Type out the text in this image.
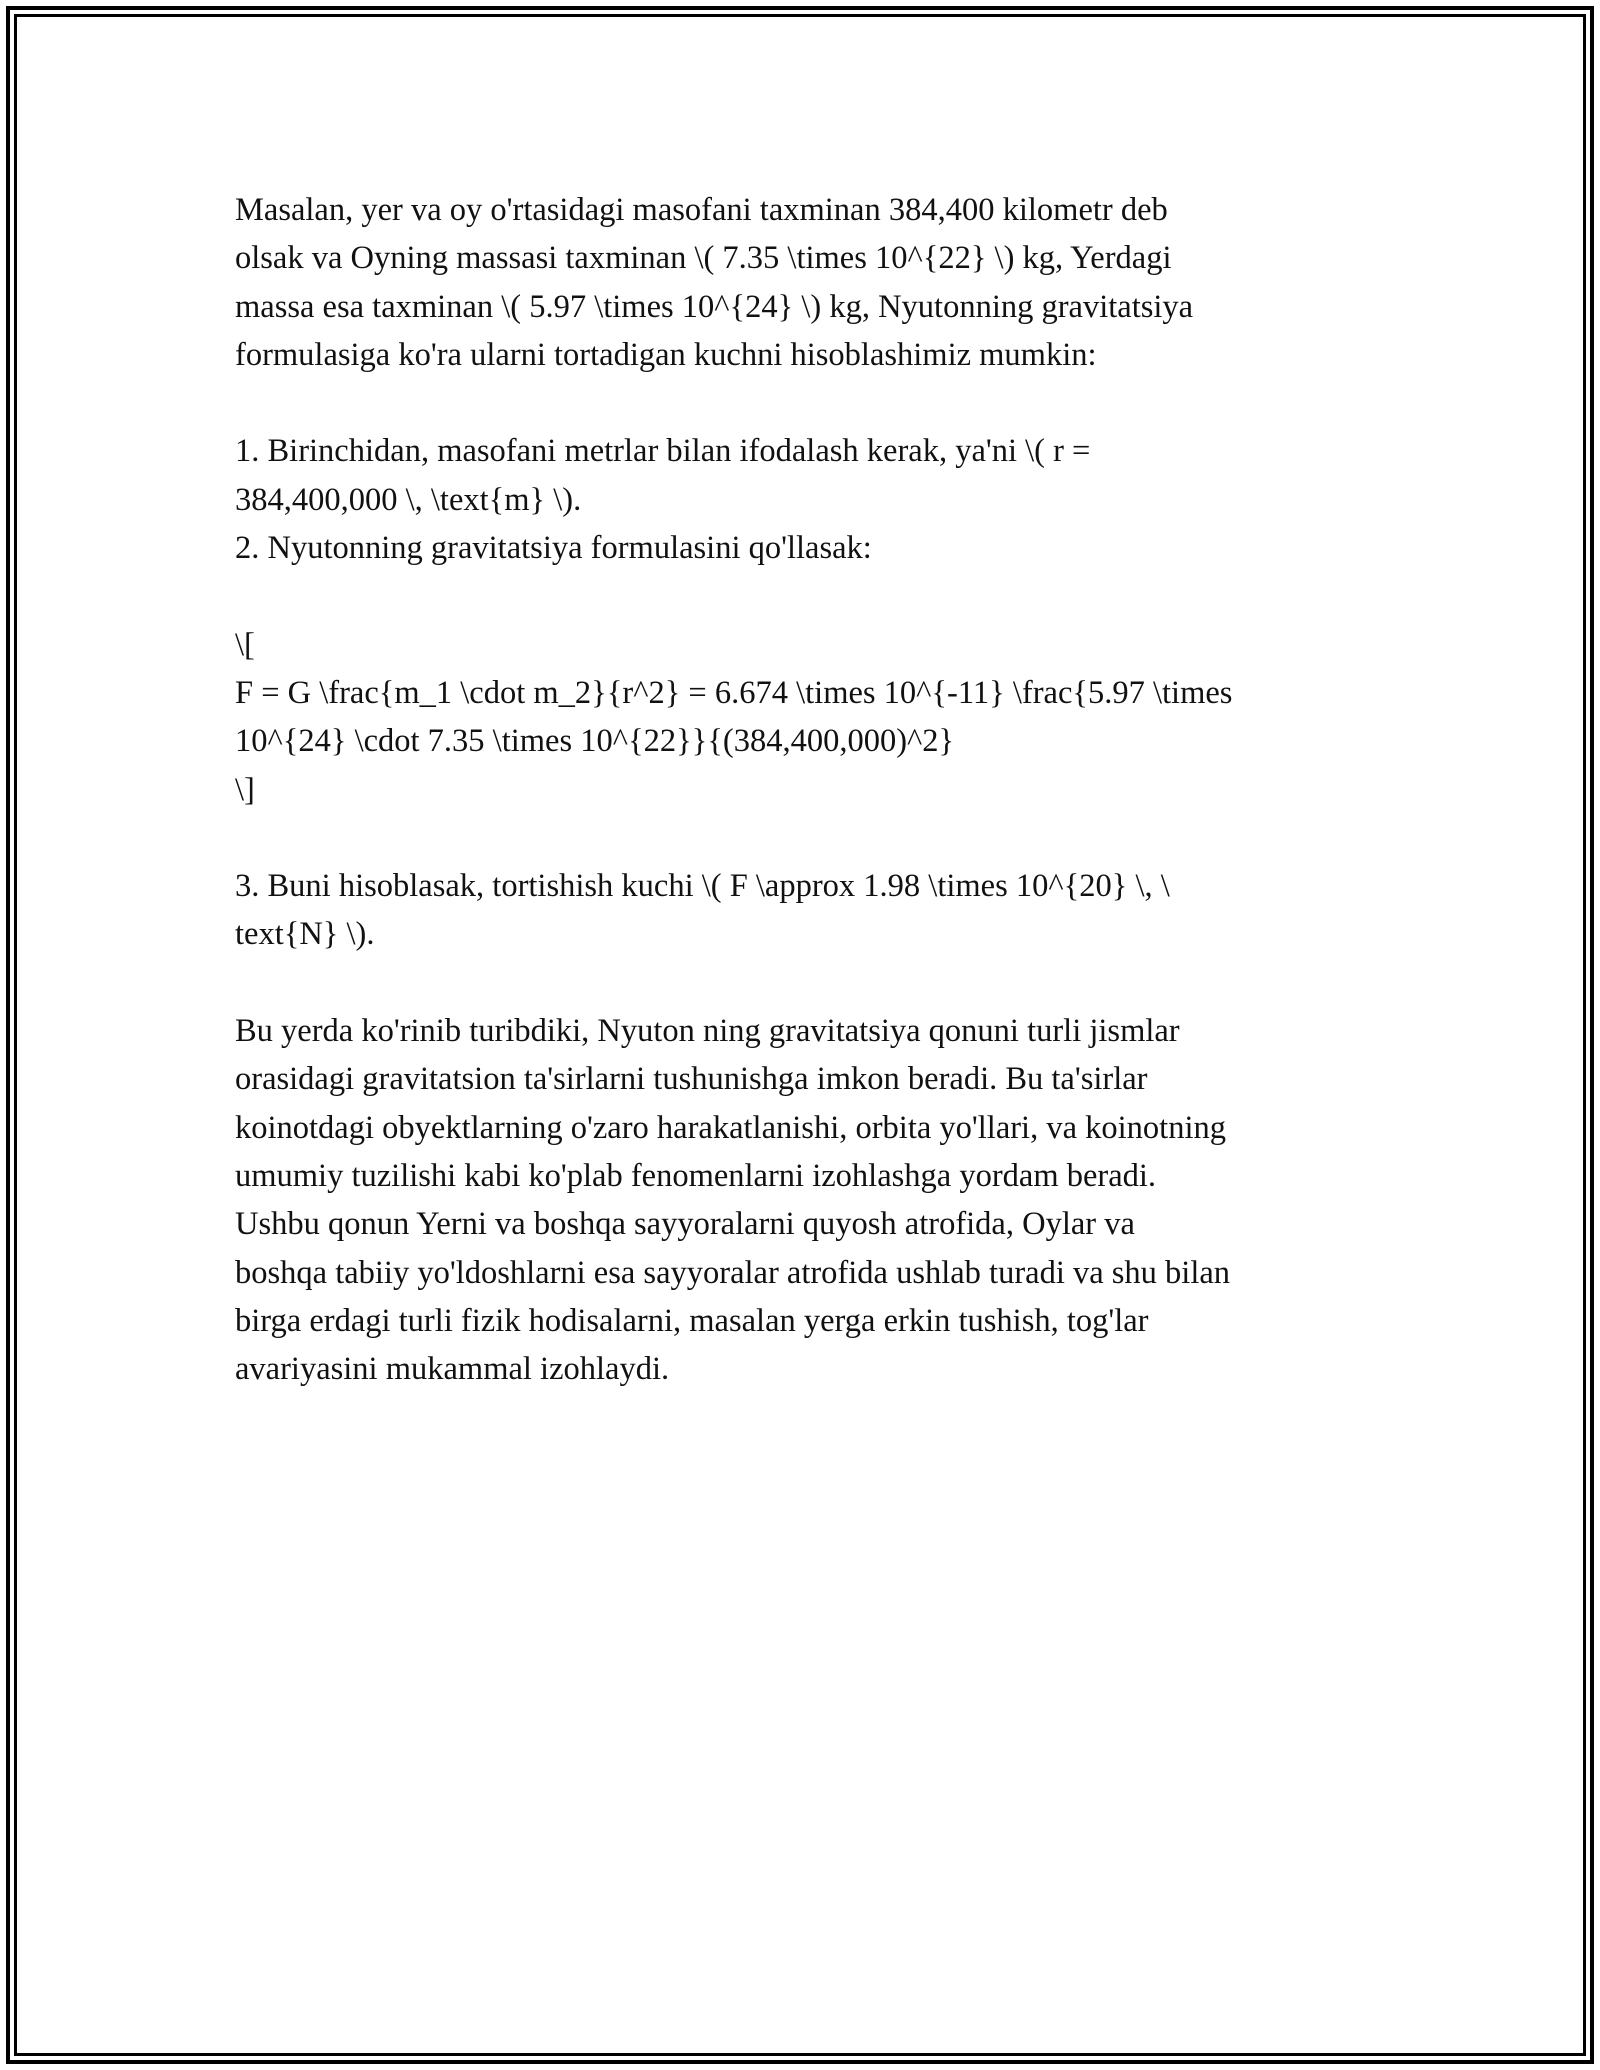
Masalan, yer va oy o'rtasidagi masofani taxminan 384,400 kilometr deb
olsak va Oyning massasi taxminan \( 7.35 \times 10^{22} \) kg, Yerdagi
massa esa taxminan \( 5.97 \times 10^{24} \) kg, Nyutonning gravitatsiya
formulasiga ko'ra ularni tortadigan kuchni hisoblashimiz mumkin:

1. Birinchidan, masofani metrlar bilan ifodalash kerak, ya'ni \( r =
384,400,000 \, \text{m} \).
2. Nyutonning gravitatsiya formulasini qo'llasak:

\[
F = G \frac{m_1 \cdot m_2}{r^2} = 6.674 \times 10^{-11} \frac{5.97 \times
10^{24} \cdot 7.35 \times 10^{22}}{(384,400,000)^2}
\]

3. Buni hisoblasak, tortishish kuchi \( F \approx 1.98 \times 10^{20} \, \
text{N} \).

Bu yerda ko'rinib turibdiki, Nyuton ning gravitatsiya qonuni turli jismlar
orasidagi gravitatsion ta'sirlarni tushunishga imkon beradi. Bu ta'sirlar
koinotdagi obyektlarning o'zaro harakatlanishi, orbita yo'llari, va koinotning
umumiy tuzilishi kabi ko'plab fenomenlarni izohlashga yordam beradi.
Ushbu qonun Yerni va boshqa sayyoralarni quyosh atrofida, Oylar va
boshqa tabiiy yo'ldoshlarni esa sayyoralar atrofida ushlab turadi va shu bilan
birga erdagi turli fizik hodisalarni, masalan yerga erkin tushish, tog'lar
avariyasini mukammal izohlaydi.
